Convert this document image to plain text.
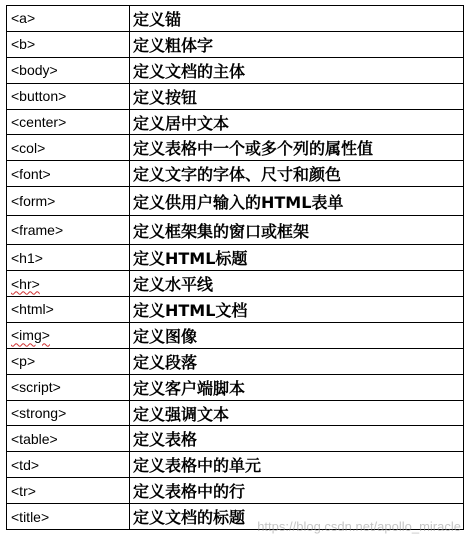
<a>	定义锚
<b>	定义粗体字
<body>	定义文档的主体
<button>	定义按钮
<center>	定义居中文本
<col>	定义表格中一个或多个列的属性值
<font>	定义文字的字体、尺寸和颜色
<form>	定义供用户输入的HTML表单
<frame>	定义框架集的窗口或框架
<h1>	定义HTML标题
<hr>	定义水平线
<html>	定义HTML文档
<img>	定义图像
<p>	定义段落
<script>	定义客户端脚本
<strong>	定义强调文本
<table>	定义表格
<td>	定义表格中的单元
<tr>	定义表格中的行
<title>	定义文档的标题 https://blog.csdn.net/apollo_miracle
